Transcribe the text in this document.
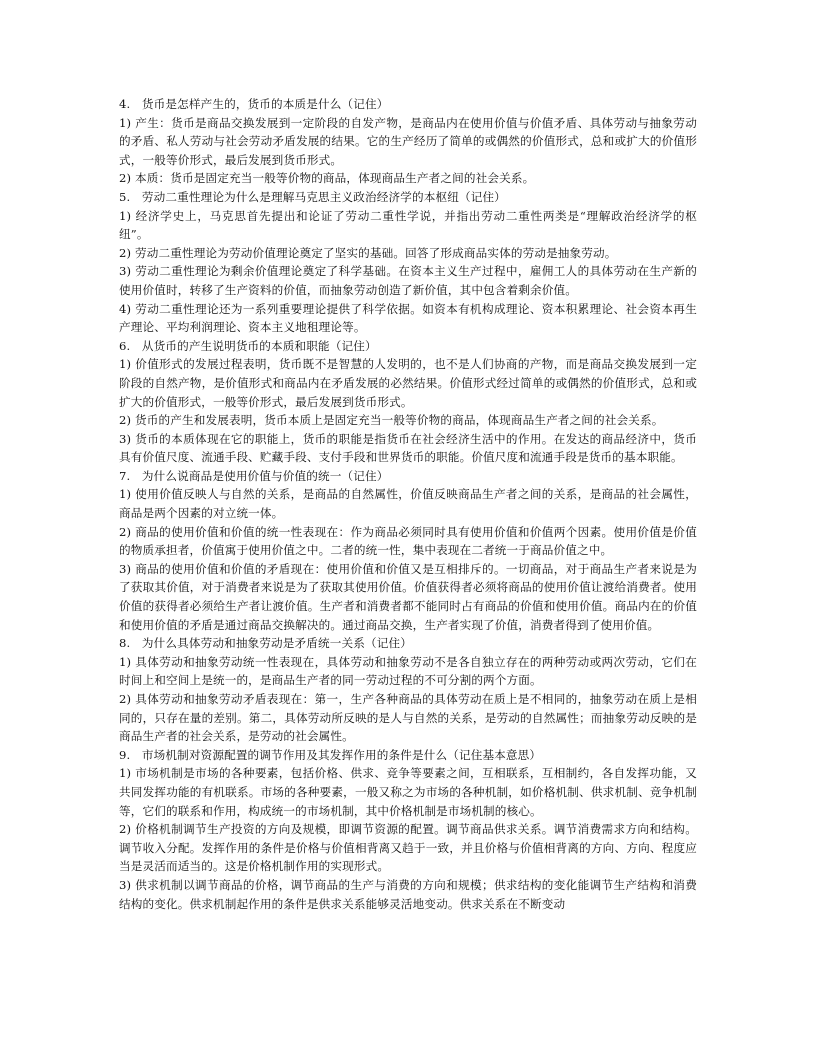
4.   货币是怎样产生的，货币的本质是什么（记住）

1) 产生：货币是商品交换发展到一定阶段的自发产物，是商品内在使用价值与价值矛盾、具体劳动与抽象劳动的矛盾、私人劳动与社会劳动矛盾发展的结果。它的生产经历了简单的或偶然的价值形式，总和或扩大的价值形式，一般等价形式，最后发展到货币形式。

2) 本质：货币是固定充当一般等价物的商品，体现商品生产者之间的社会关系。

5.   劳动二重性理论为什么是理解马克思主义政治经济学的本枢纽（记住）

1) 经济学史上，马克思首先提出和论证了劳动二重性学说，并指出劳动二重性两类是“理解政治经济学的枢纽”。

2) 劳动二重性理论为劳动价值理论奠定了坚实的基础。回答了形成商品实体的劳动是抽象劳动。

3) 劳动二重性理论为剩余价值理论奠定了科学基础。在资本主义生产过程中，雇佣工人的具体劳动在生产新的使用价值时，转移了生产资料的价值，而抽象劳动创造了新价值，其中包含着剩余价值。

4) 劳动二重性理论还为一系列重要理论提供了科学依据。如资本有机构成理论、资本积累理论、社会资本再生产理论、平均利润理论、资本主义地租理论等。

6.   从货币的产生说明货币的本质和职能（记住）

1) 价值形式的发展过程表明，货币既不是智慧的人发明的，也不是人们协商的产物，而是商品交换发展到一定阶段的自然产物，是价值形式和商品内在矛盾发展的必然结果。价值形式经过简单的或偶然的价值形式，总和或扩大的价值形式，一般等价形式，最后发展到货币形式。

2) 货币的产生和发展表明，货币本质上是固定充当一般等价物的商品，体现商品生产者之间的社会关系。

3) 货币的本质体现在它的职能上，货币的职能是指货币在社会经济生活中的作用。在发达的商品经济中，货币具有价值尺度、流通手段、贮藏手段、支付手段和世界货币的职能。价值尺度和流通手段是货币的基本职能。

7.   为什么说商品是使用价值与价值的统一（记住）

1) 使用价值反映人与自然的关系，是商品的自然属性，价值反映商品生产者之间的关系，是商品的社会属性，商品是两个因素的对立统一体。

2) 商品的使用价值和价值的统一性表现在：作为商品必须同时具有使用价值和价值两个因素。使用价值是价值的物质承担者，价值寓于使用价值之中。二者的统一性，集中表现在二者统一于商品价值之中。

3) 商品的使用价值和价值的矛盾现在：使用价值和价值又是互相排斥的。一切商品，对于商品生产者来说是为了获取其价值，对于消费者来说是为了获取其使用价值。价值获得者必须将商品的使用价值让渡给消费者。使用价值的获得者必须给生产者让渡价值。生产者和消费者都不能同时占有商品的价值和使用价值。商品内在的价值和使用价值的矛盾是通过商品交换解决的。通过商品交换，生产者实现了价值，消费者得到了使用价值。

8.   为什么具体劳动和抽象劳动是矛盾统一关系（记住）

1) 具体劳动和抽象劳动统一性表现在，具体劳动和抽象劳动不是各自独立存在的两种劳动或两次劳动，它们在时间上和空间上是统一的，是商品生产者的同一劳动过程的不可分割的两个方面。

2) 具体劳动和抽象劳动矛盾表现在：第一，生产各种商品的具体劳动在质上是不相同的，抽象劳动在质上是相同的，只存在量的差别。第二，具体劳动所反映的是人与自然的关系，是劳动的自然属性；而抽象劳动反映的是商品生产者的社会关系，是劳动的社会属性。

9.   市场机制对资源配置的调节作用及其发挥作用的条件是什么（记住基本意思）

1) 市场机制是市场的各种要素，包括价格、供求、竞争等要素之间，互相联系，互相制约，各自发挥功能，又共同发挥功能的有机联系。市场的各种要素，一般又称之为市场的各种机制，如价格机制、供求机制、竞争机制等，它们的联系和作用，构成统一的市场机制，其中价格机制是市场机制的核心。

2) 价格机制调节生产投资的方向及规模，即调节资源的配置。调节商品供求关系。调节消费需求方向和结构。调节收入分配。发挥作用的条件是价格与价值相背离又趋于一致，并且价格与价值相背离的方向、方向、程度应当是灵活而适当的。这是价格机制作用的实现形式。

3) 供求机制以调节商品的价格，调节商品的生产与消费的方向和规模；供求结构的变化能调节生产结构和消费结构的变化。供求机制起作用的条件是供求关系能够灵活地变动。供求关系在不断变动
